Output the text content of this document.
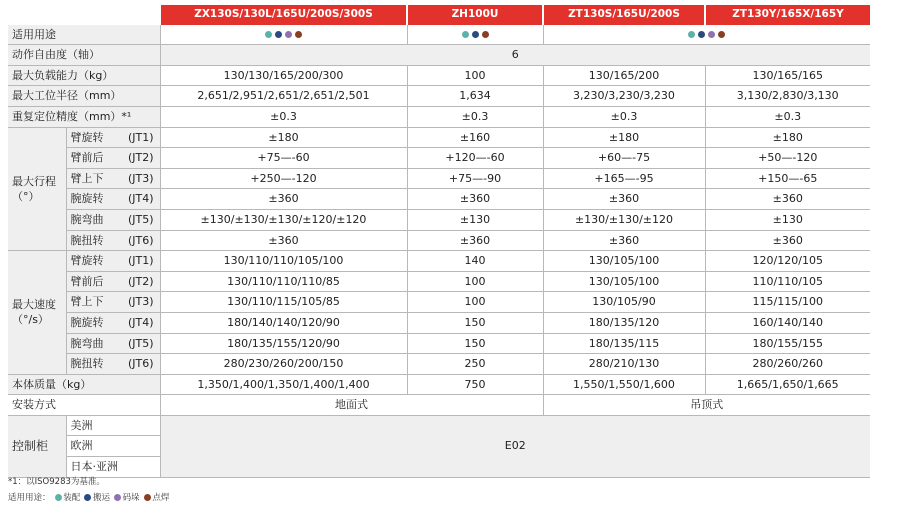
		ZX130S/130L/165U/200S/300S	ZH100U	ZT130S/165U/200S	ZT130Y/165X/165Y
适用用途					
动作自由度（轴）		6			
最大负载能力（kg）		130/130/165/200/300	100	130/165/200	130/165/165
最大工位半径（mm）		2,651/2,951/2,651/2,651/2,501	1,634	3,230/3,230/3,230	3,130/2,830/3,130
重复定位精度（mm）*¹		±0.3	±0.3	±0.3	±0.3
最大行程
（°）	臂旋转 (JT1)	±180	±160	±180	±180
	臂前后 (JT2)	+75—-60	+120—-60	+60—-75	+50—-120
	臂上下 (JT3)	+250—-120	+75—-90	+165—-95	+150—-65
	腕旋转 (JT4)	±360	±360	±360	±360
	腕弯曲 (JT5)	±130/±130/±130/±120/±120	±130	±130/±130/±120	±130
	腕扭转 (JT6)	±360	±360	±360	±360
最大速度
（°/s）	臂旋转 (JT1)	130/110/110/105/100	140	130/105/100	120/120/105
	臂前后 (JT2)	130/110/110/110/85	100	130/105/100	110/110/105
	臂上下 (JT3)	130/110/115/105/85	100	130/105/90	115/115/100
	腕旋转 (JT4)	180/140/140/120/90	150	180/135/120	160/140/140
	腕弯曲 (JT5)	180/135/155/120/90	150	180/135/115	180/155/155
	腕扭转 (JT6)	280/230/260/200/150	250	280/210/130	280/260/260
本体质量（kg）		1,350/1,400/1,350/1,400/1,400	750	1,550/1,550/1,600	1,665/1,650/1,665
安装方式		地面式		吊顶式	
控制柜	美洲	E02			
	欧洲				
	日本·亚洲				
*1：以ISO9283为基准。
适用用途： 装配 搬运 码垛 点焊
